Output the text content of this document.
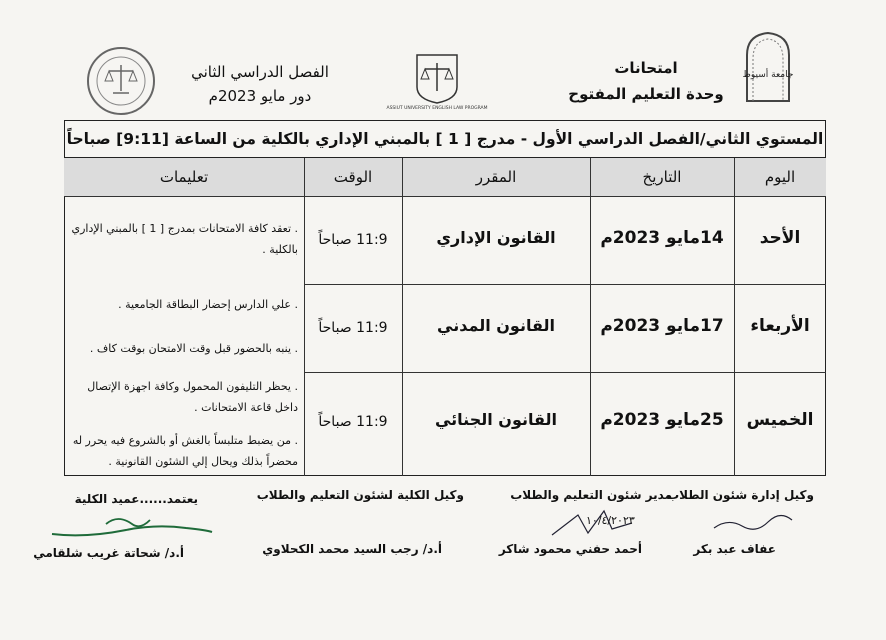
امتحانات
وحدة التعليم المفتوح
جامعة أسيوط
ASSIUT UNIVERSITY ENGLISH LAW PROGRAM
الفصل الدراسي الثاني
دور مايو 2023م
المستوي الثاني/الفصل الدراسي الأول - مدرج [ 1 ] بالمبني الإداري بالكلية من الساعة [9:11] صباحاً
اليوم
التاريخ
المقرر
الوقت
تعليمات
الأحد
14مايو 2023م
القانون الإداري
11:9 صباحاً
الأربعاء
17مايو 2023م
القانون المدني
11:9 صباحاً
الخميس
25مايو 2023م
القانون الجنائي
11:9 صباحاً
. تعقد كافة الامتحانات بمدرج [ 1 ] بالمبني الإداري بالكلية .
. علي الدارس إحضار البطاقة الجامعية .
. ينبه بالحضور قبل وقت الامتحان بوقت كاف .
. يحظر التليفون المحمول وكافة اجهزة الإتصال داخل قاعة الامتحانات .
. من يضبط متلبساً بالغش أو بالشروع فيه يحرر له محضراً بذلك ويحال إلي الشئون القانونية .
وكيل إدارة شئون الطلاب
عفاف عبد بكر
مدير شئون التعليم والطلاب
أحمد حفني محمود شاكر
١٠/٤/٢٠٢٣
وكيل الكلية لشئون التعليم والطلاب
أ.د/ رجب السيد محمد الكحلاوي
يعتمد......عميد الكلية
أ.د/ شحاتة غريب شلقامي
